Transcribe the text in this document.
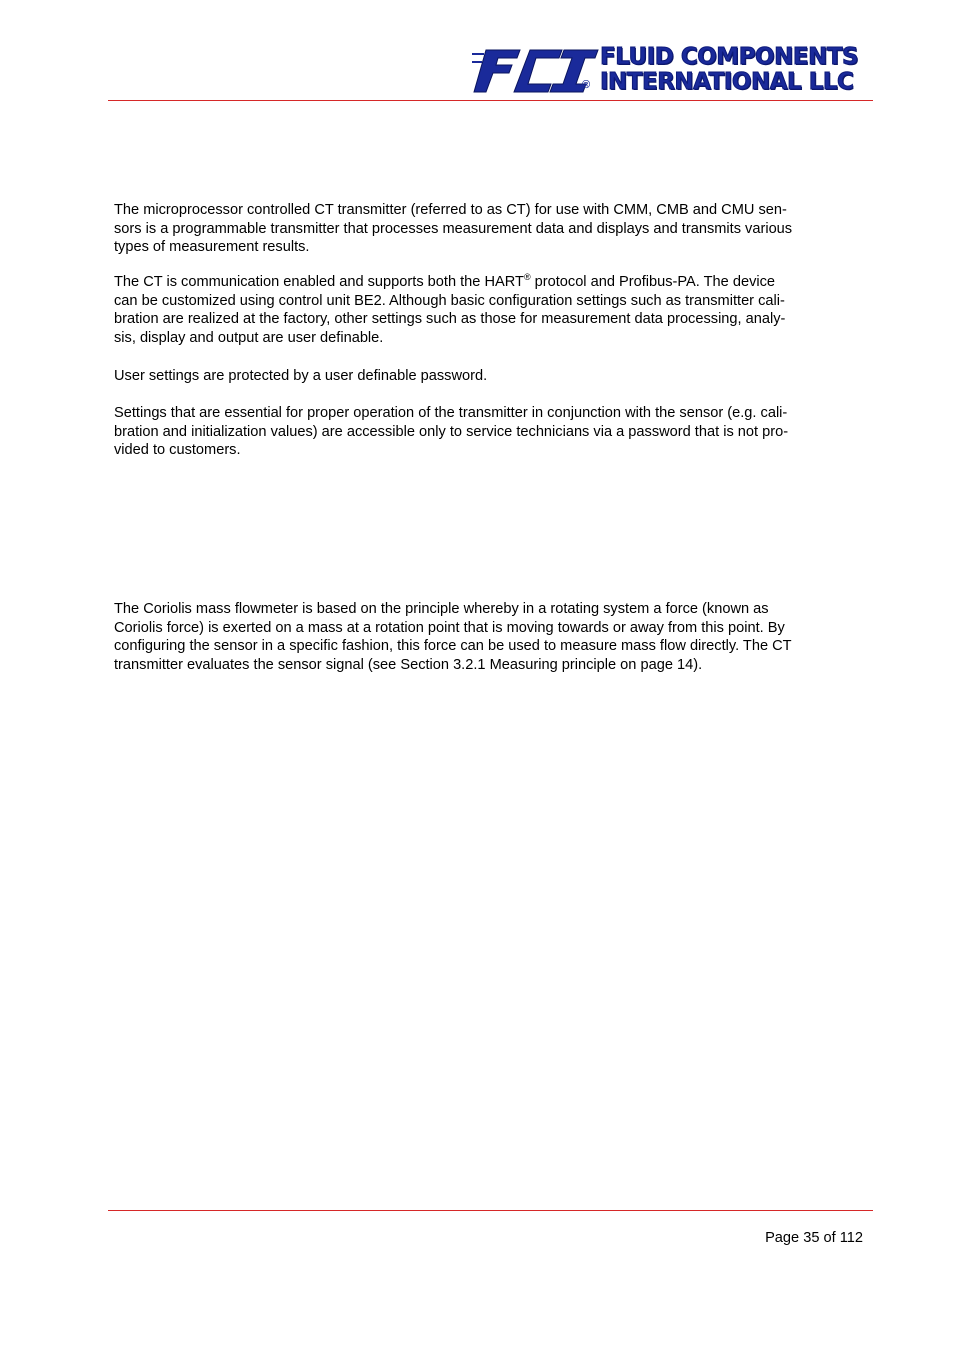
®
FLUID COMPONENTS
INTERNATIONAL LLC

The microprocessor controlled CT transmitter (referred to as CT) for use with CMM, CMB and CMU sen-
sors is a programmable transmitter that processes measurement data and displays and transmits various
types of measurement results.

The CT is communication enabled and supports both the HART® protocol and Profibus-PA. The device
can be customized using control unit BE2. Although basic configuration settings such as transmitter cali-
bration are realized at the factory, other settings such as those for measurement data processing, analy-
sis, display and output are user definable.

User settings are protected by a user definable password.

Settings that are essential for proper operation of the transmitter in conjunction with the sensor (e.g. cali-
bration and initialization values) are accessible only to service technicians via a password that is not pro-
vided to customers.

The Coriolis mass flowmeter is based on the principle whereby in a rotating system a force (known as
Coriolis force) is exerted on a mass at a rotation point that is moving towards or away from this point. By
configuring the sensor in a specific fashion, this force can be used to measure mass flow directly. The CT
transmitter evaluates the sensor signal (see Section 3.2.1 Measuring principle on page 14).

Page 35 of 112
